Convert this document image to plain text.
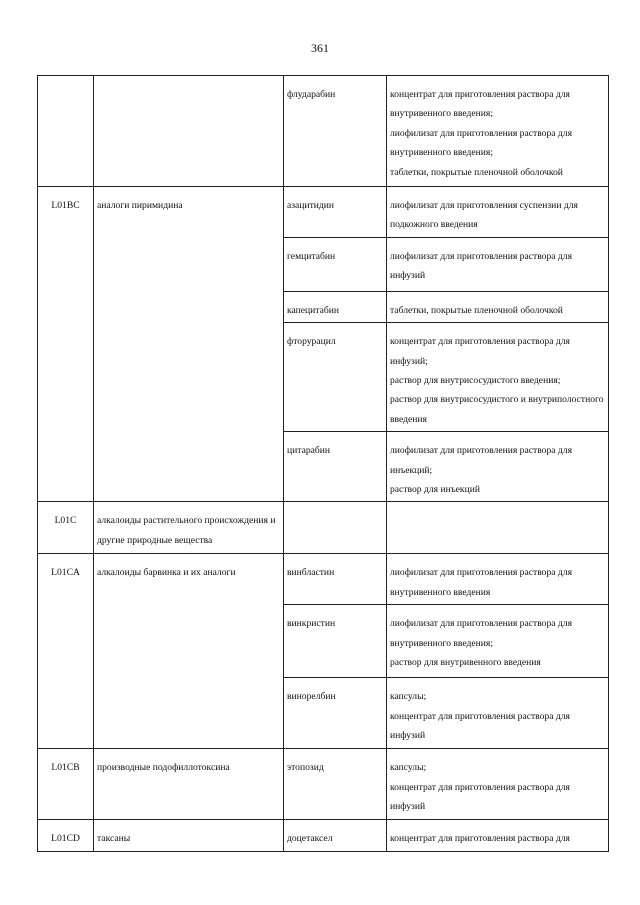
361
		флударабин	концентрат для приготовления раствора для внутривенного введения;
лиофилизат для приготовления раствора для внутривенного введения;
таблетки, покрытые пленочной оболочкой

L01BC	аналоги пиримидина	азацитидин	лиофилизат для приготовления суспензии для подкожного введения

		гемцитабин	лиофилизат для приготовления раствора для инфузий

		капецитабин	таблетки, покрытые пленочной оболочкой

		фторурацил	концентрат для приготовления раствора для инфузий;
раствор для внутрисосудистого введения;
раствор для внутрисосудистого и внутриполостного введения

		цитарабин	лиофилизат для приготовления раствора для инъекций;
раствор для инъекций

L01C	алкалоиды растительного происхождения и другие природные вещества		
L01CA	алкалоиды барвинка и их аналоги	винбластин	лиофилизат для приготовления раствора для внутривенного введения

		винкристин	лиофилизат для приготовления раствора для внутривенного введения;
раствор для внутривенного введения

		винорелбин	капсулы;
концентрат для приготовления раствора для инфузий

L01CB	производные подофиллотоксина	этопозид	капсулы;
концентрат для приготовления раствора для инфузий

L01CD	таксаны	доцетаксел	концентрат для приготовления раствора для
